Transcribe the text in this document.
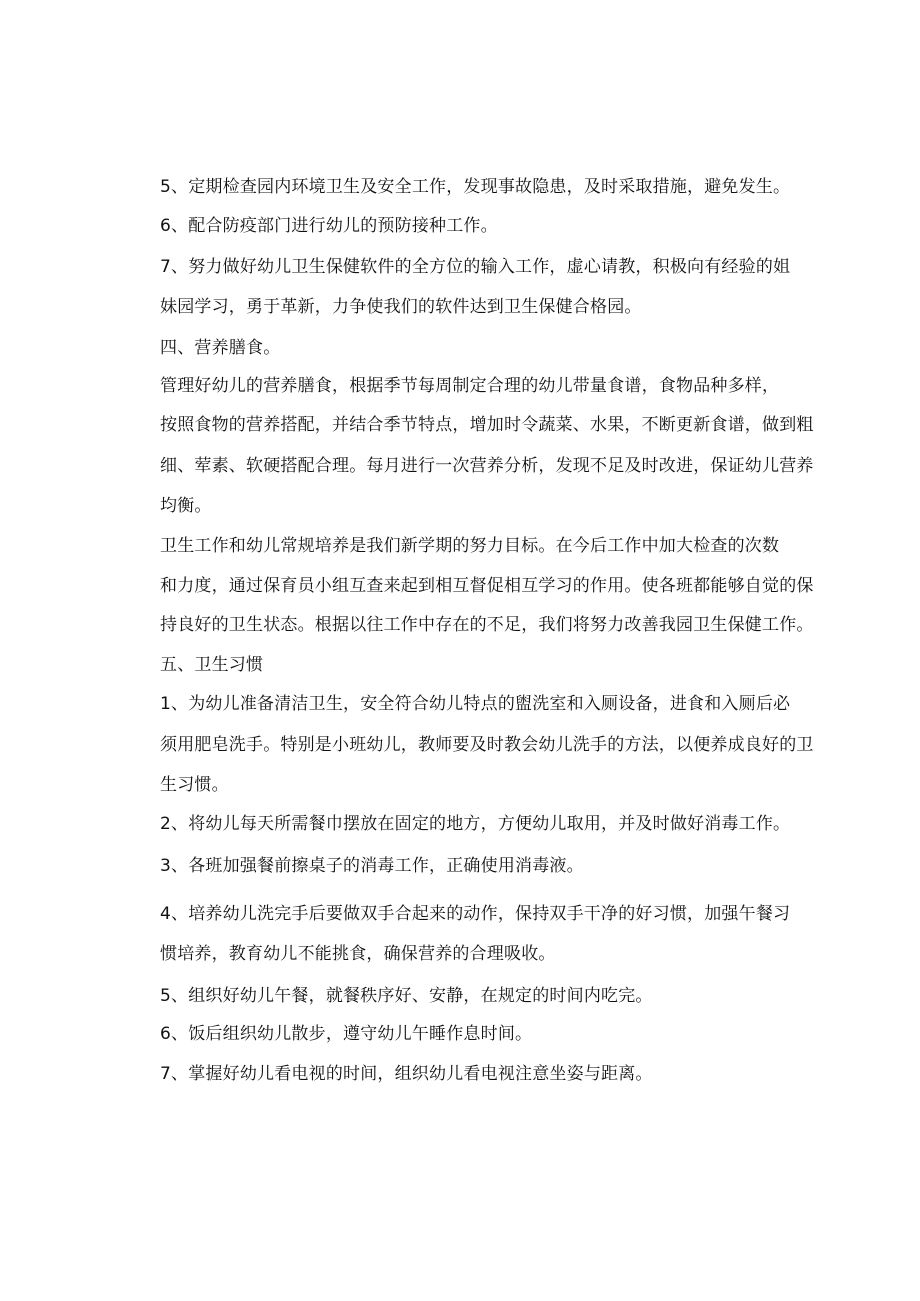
5、定期检查园内环境卫生及安全工作，发现事故隐患，及时采取措施，避免发生。
6、配合防疫部门进行幼儿的预防接种工作。
7、努力做好幼儿卫生保健软件的全方位的输入工作，虚心请教，积极向有经验的姐
妹园学习，勇于革新，力争使我们的软件达到卫生保健合格园。
四、营养膳食。
管理好幼儿的营养膳食，根据季节每周制定合理的幼儿带量食谱，食物品种多样，
按照食物的营养搭配，并结合季节特点，增加时令蔬菜、水果，不断更新食谱，做到粗
细、荤素、软硬搭配合理。每月进行一次营养分析，发现不足及时改进，保证幼儿营养
均衡。
卫生工作和幼儿常规培养是我们新学期的努力目标。在今后工作中加大检查的次数
和力度，通过保育员小组互查来起到相互督促相互学习的作用。使各班都能够自觉的保
持良好的卫生状态。根据以往工作中存在的不足，我们将努力改善我园卫生保健工作。
五、卫生习惯
1、为幼儿准备清洁卫生，安全符合幼儿特点的盥洗室和入厕设备，进食和入厕后必
须用肥皂洗手。特别是小班幼儿，教师要及时教会幼儿洗手的方法，以便养成良好的卫
生习惯。
2、将幼儿每天所需餐巾摆放在固定的地方，方便幼儿取用，并及时做好消毒工作。
3、各班加强餐前擦桌子的消毒工作，正确使用消毒液。
4、培养幼儿洗完手后要做双手合起来的动作，保持双手干净的好习惯，加强午餐习
惯培养，教育幼儿不能挑食，确保营养的合理吸收。
5、组织好幼儿午餐，就餐秩序好、安静，在规定的时间内吃完。
6、饭后组织幼儿散步，遵守幼儿午睡作息时间。
7、掌握好幼儿看电视的时间，组织幼儿看电视注意坐姿与距离。
